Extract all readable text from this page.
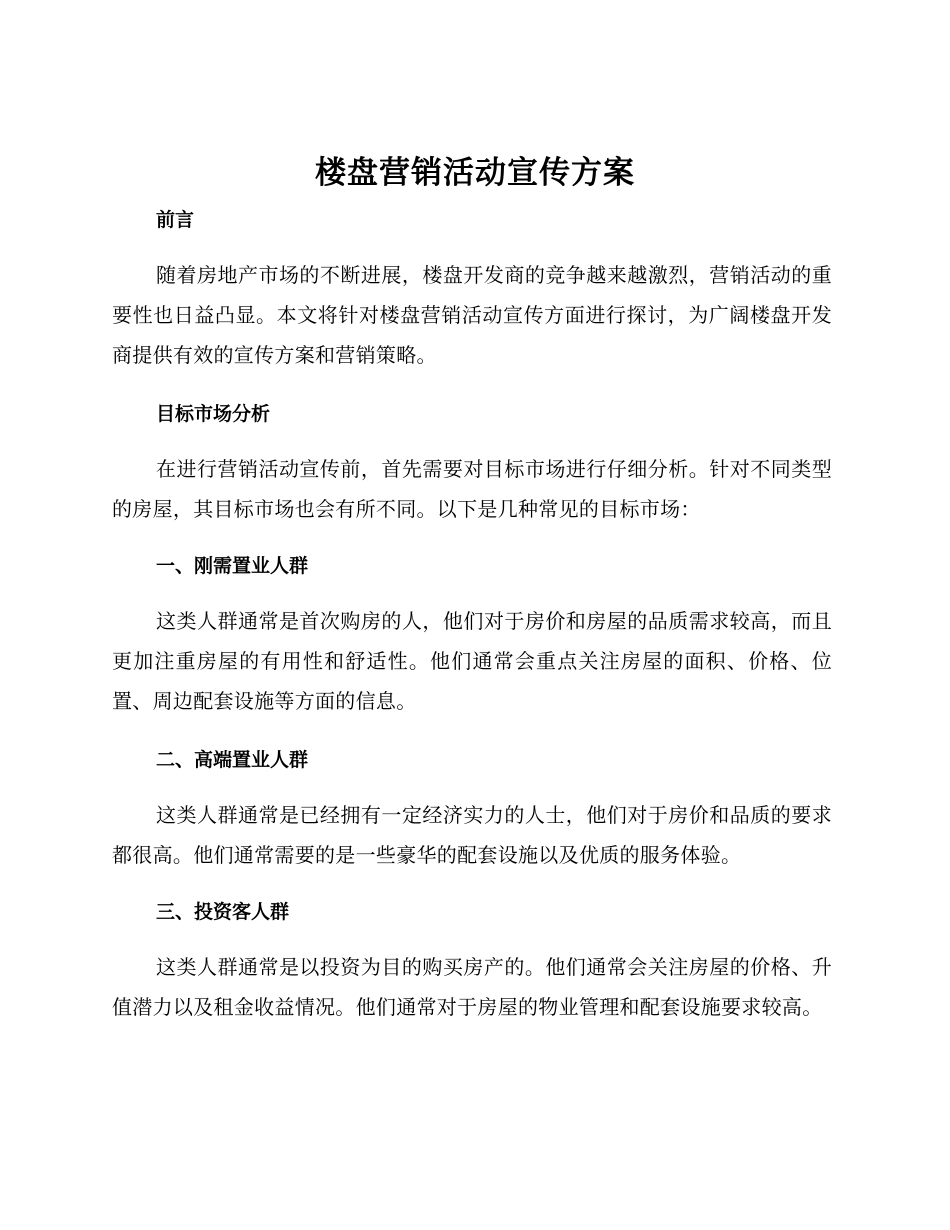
楼盘营销活动宣传方案
前言

随着房地产市场的不断进展，楼盘开发商的竞争越来越激烈，营销活动的重要性也日益凸显。本文将针对楼盘营销活动宣传方面进行探讨，为广阔楼盘开发商提供有效的宣传方案和营销策略。

目标市场分析

在进行营销活动宣传前，首先需要对目标市场进行仔细分析。针对不同类型的房屋，其目标市场也会有所不同。以下是几种常见的目标市场：

一、刚需置业人群

这类人群通常是首次购房的人，他们对于房价和房屋的品质需求较高，而且更加注重房屋的有用性和舒适性。他们通常会重点关注房屋的面积、价格、位置、周边配套设施等方面的信息。

二、高端置业人群

这类人群通常是已经拥有一定经济实力的人士，他们对于房价和品质的要求都很高。他们通常需要的是一些豪华的配套设施以及优质的服务体验。

三、投资客人群

这类人群通常是以投资为目的购买房产的。他们通常会关注房屋的价格、升值潜力以及租金收益情况。他们通常对于房屋的物业管理和配套设施要求较高。
